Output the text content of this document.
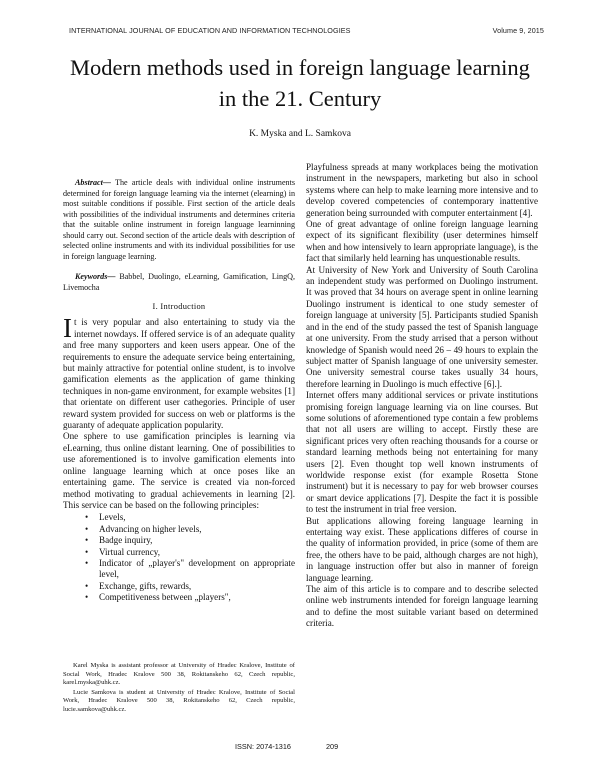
INTERNATIONAL JOURNAL OF EDUCATION AND INFORMATION TECHNOLOGIES	Volume 9, 2015
Modern methods used in foreign language learning in the 21. Century
K. Myska and L. Samkova

Abstract— The article deals with individual online instruments determined for foreign language learning via the internet (elearning) in most suitable conditions if possible. First section of the article deals with possibilities of the individual instruments and determines criteria that the suitable online instrument in foreign language learninning should carry out. Second section of the article deals with description of selected online instruments and with its individual possibilities for use in foreign language learning.

Keywords— Babbel, Duolingo, eLearning, Gamification, LingQ, Livemocha

I. Introduction

It is very popular and also entertaining to study via the internet nowdays. If offered service is of an adequate quality and free many supporters and keen users appear. One of the requirements to ensure the adequate service being entertaining, but mainly attractive for potential online student, is to involve gamification elements as the application of game thinking techniques in non-game environment, for example websites [1] that orientate on different user cathegories. Principle of user reward system provided for success on web or platforms is the guaranty of adequate application popularity.

One sphere to use gamification principles is learning via eLearning, thus online distant learning. One of possibilities to use aforementioned is to involve gamification elements into online language learning which at once poses like an entertaining game. The service is created via non-forced method motivating to gradual achievements in learning [2]. This service can be based on the following principles:

• Levels,
• Advancing on higher levels,
• Badge inquiry,
• Virtual currency,
• Indicator of „player's" development on appropriate level,
• Exchange, gifts, rewards,
• Competitiveness between „players",

Karel Myska is assistant professor at University of Hradec Kralove, Institute of Social Work, Hradec Kralove 500 38, Rokitanskeho 62, Czech republic, karel.myska@uhk.cz.

Lucie Samkova is student at University of Hradec Kralove, Institute of Social Work, Hradec Kralove 500 38, Rokitanskeho 62, Czech republic, lucie.samkova@uhk.cz.

Playfulness spreads at many workplaces being the motivation instrument in the newspapers, marketing but also in school systems where can help to make learning more intensive and to develop covered competencies of contemporary inattentive generation being surrounded with computer entertainment [4].

One of great advantage of online foreign language learning expect of its significant flexibility (user determines himself when and how intensively to learn appropriate language), is the fact that similarly held learning has unquestionable results.

At University of New York and University of South Carolina an independent study was performed on Duolingo instrument. It was proved that 34 hours on average spent in online learning Duolingo instrument is identical to one study semester of foreign language at university [5]. Participants studied Spanish and in the end of the study passed the test of Spanish language at one university. From the study arrised that a person without knowledge of Spanish would need 26 – 49 hours to explain the subject matter of Spanish language of one university semester. One university semestral course takes usually 34 hours, therefore learning in Duolingo is much effective [6].].

Internet offers many additional services or private institutions promising foreign language learning via on line courses. But some solutions of aforementioned type contain a few problems that not all users are willing to accept. Firstly these are significant prices very often reaching thousands for a course or standard learning methods being not entertaining for many users [2]. Even thought top well known instruments of worldwide response exist (for example Rosetta Stone instrument) but it is necessary to pay for web browser courses or smart device applications [7]. Despite the fact it is possible to test the instrument in trial free version.

But applications allowing foreing language learning in entertaing way exist. These applications differes of course in the quality of information provided, in price (some of them are free, the others have to be paid, although charges are not high), in language instruction offer but also in manner of foreign language learning.

The aim of this article is to compare and to describe selected online web instruments intended for foreign language learning and to define the most suitable variant based on determined criteria.

ISSN: 2074-1316	209
